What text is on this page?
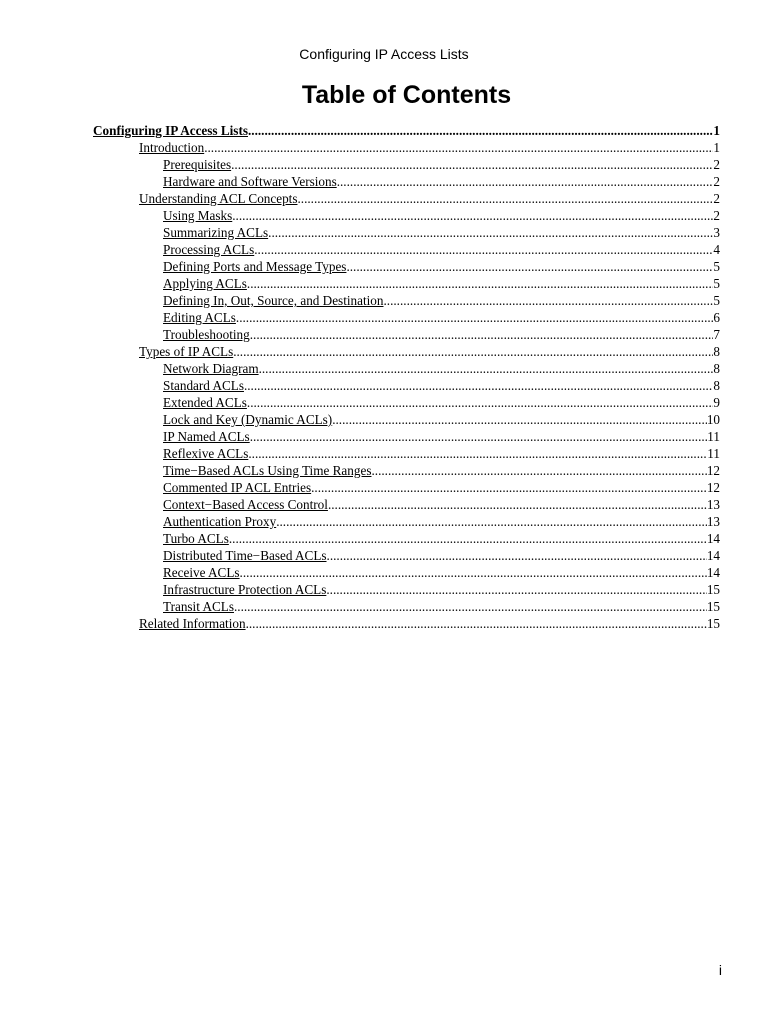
Configuring IP Access Lists
Table of Contents
Configuring IP Access Lists .....	1
Introduction .....	1
Prerequisites .....	2
Hardware and Software Versions .....	2
Understanding ACL Concepts .....	2
Using Masks .....	2
Summarizing ACLs .....	3
Processing ACLs .....	4
Defining Ports and Message Types .....	5
Applying ACLs .....	5
Defining In, Out, Source, and Destination .....	5
Editing ACLs .....	6
Troubleshooting .....	7
Types of IP ACLs .....	8
Network Diagram .....	8
Standard ACLs .....	8
Extended ACLs .....	9
Lock and Key (Dynamic ACLs) .....	10
IP Named ACLs .....	11
Reflexive ACLs .....	11
Time−Based ACLs Using Time Ranges .....	12
Commented IP ACL Entries .....	12
Context−Based Access Control .....	13
Authentication Proxy .....	13
Turbo ACLs .....	14
Distributed Time−Based ACLs .....	14
Receive ACLs .....	14
Infrastructure Protection ACLs .....	15
Transit ACLs .....	15
Related Information .....	15
i
